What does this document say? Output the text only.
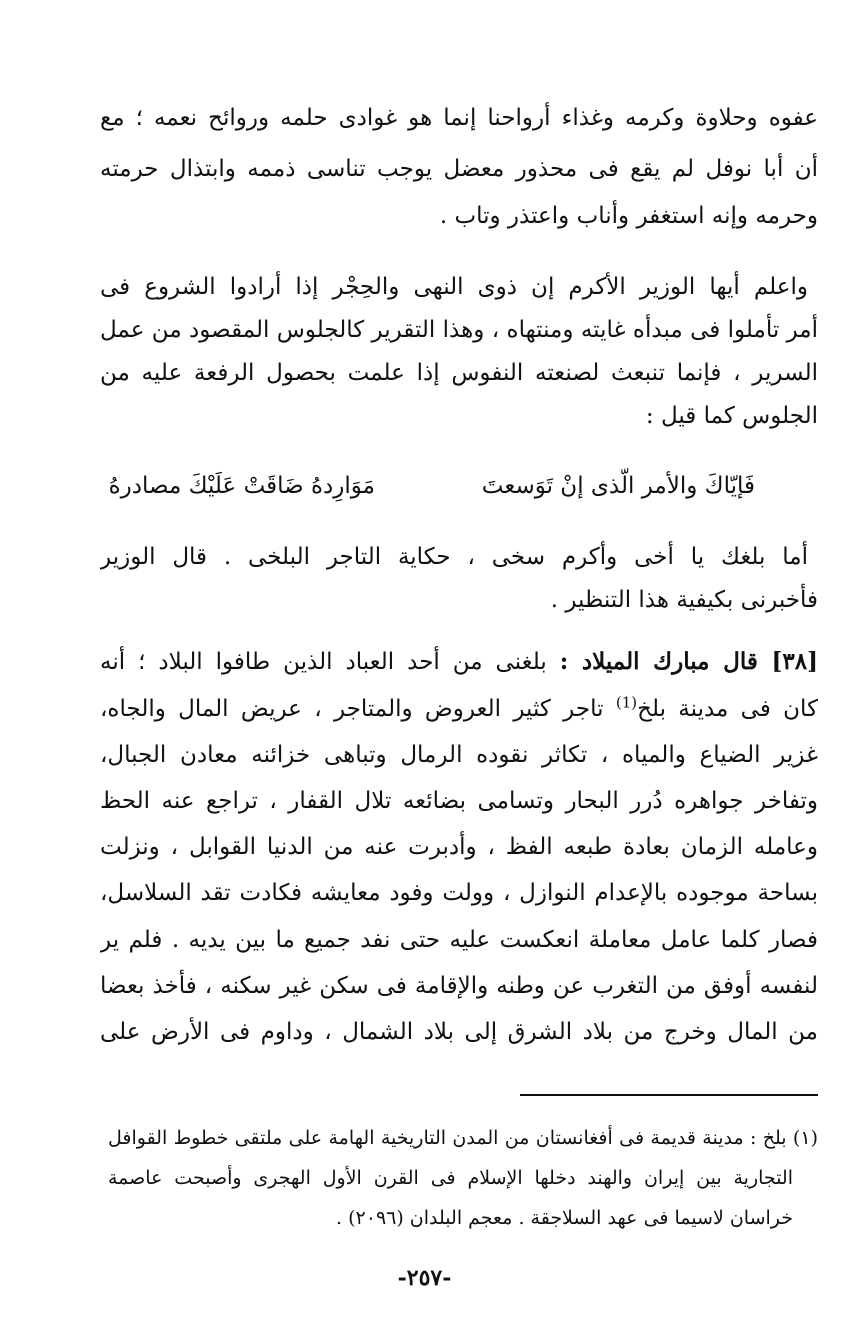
عفوه وحلاوة وكرمه وغذاء أرواحنا إنما هو غوادى حلمه وروائح نعمه ؛ مع
أن أبا نوفل لم يقع فى محذور معضل يوجب تناسى ذممه وابتذال حرمته
وحرمه وإنه استغفر وأناب واعتذر وتاب .
واعلم أيها الوزير الأكرم إن ذوى النهى والحِجْر إذا أرادوا الشروع فى
أمر تأملوا فى مبدأه غايته ومنتهاه ، وهذا التقرير كالجلوس المقصود من عمل
السرير ، فإنما تنبعث لصنعته النفوس إذا علمت بحصول الرفعة عليه من
الجلوس كما قيل :
فَإيّاكَ والأمر الّذى إنْ تَوَسعتَ
مَوَارِدهُ ضَاقَتْ عَلَيْكَ مصادرهُ
أما بلغك يا أخى وأكرم سخى ، حكاية التاجر البلخى . قال الوزير
فأخبرنى بكيفية هذا التنظير .
[٣٨] قال مبارك الميلاد : بلغنى من أحد العباد الذين طافوا البلاد ؛ أنه
كان فى مدينة بلخ$^{(1)}$ تاجر كثير العروض والمتاجر ، عريض المال والجاه،
غزير الضياع والمياه ، تكاثر نقوده الرمال وتباهى خزائنه معادن الجبال،
وتفاخر جواهره دُرر البحار وتسامى بضائعه تلال القفار ، تراجع عنه الحظ
وعامله الزمان بعادة طبعه الفظ ، وأدبرت عنه من الدنيا القوابل ، ونزلت
بساحة موجوده بالإعدام النوازل ، وولت وفود معايشه فكادت تقد السلاسل،
فصار كلما عامل معاملة انعكست عليه حتى نفد جميع ما بين يديه . فلم ير
لنفسه أوفق من التغرب عن وطنه والإقامة فى سكن غير سكنه ، فأخذ بعضا
من المال وخرج من بلاد الشرق إلى بلاد الشمال ، وداوم فى الأرض على
(١) بلخ : مدينة قديمة فى أفغانستان من المدن التاريخية الهامة على ملتقى خطوط القوافل
التجارية بين إيران والهند دخلها الإسلام فى القرن الأول الهجرى وأصبحت عاصمة
خراسان لاسيما فى عهد السلاجقة . معجم البلدان (٢٠٩٦) .
-٢٥٧-
